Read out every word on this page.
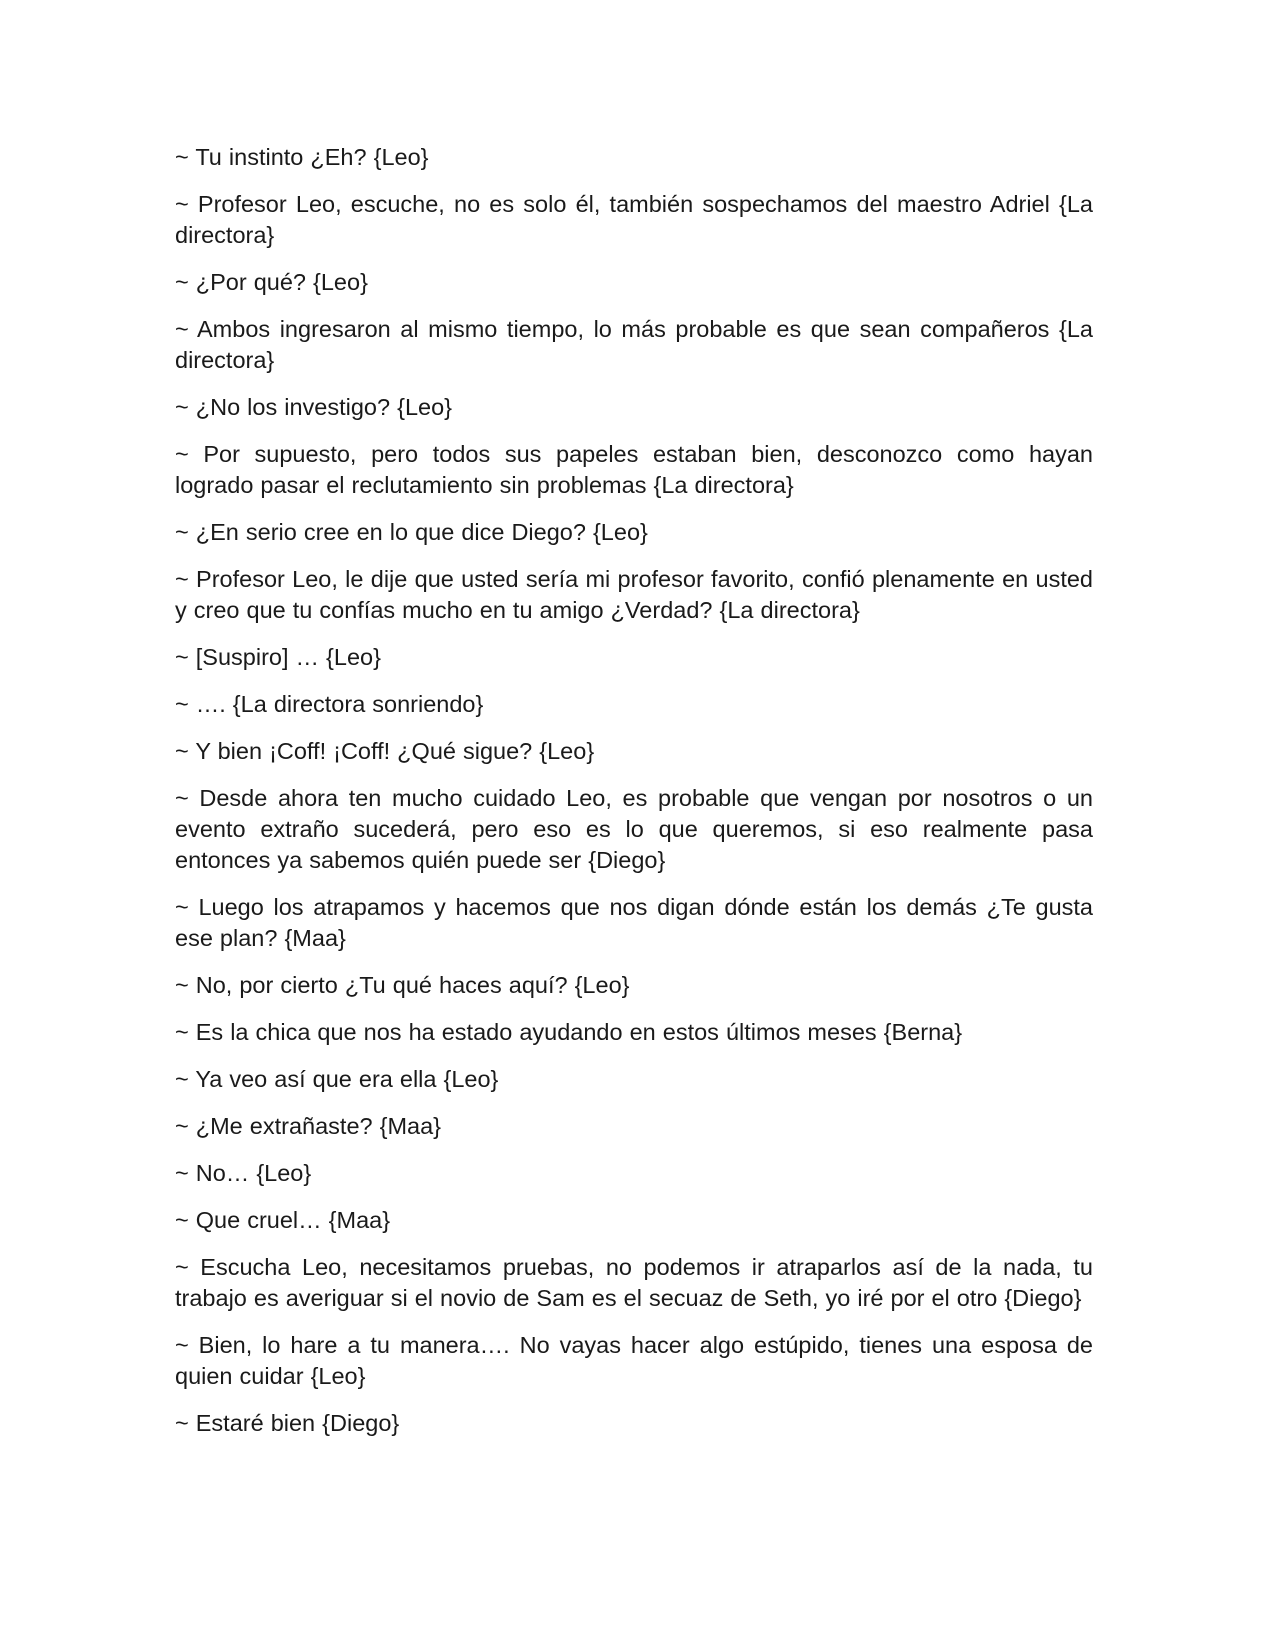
~ Tu instinto ¿Eh? {Leo}

~ Profesor Leo, escuche, no es solo él, también sospechamos del maestro Adriel {La directora}

~ ¿Por qué? {Leo}

~ Ambos ingresaron al mismo tiempo, lo más probable es que sean compañeros {La directora}

~ ¿No los investigo? {Leo}

~ Por supuesto, pero todos sus papeles estaban bien, desconozco como hayan logrado pasar el reclutamiento sin problemas {La directora}

~ ¿En serio cree en lo que dice Diego? {Leo}

~ Profesor Leo, le dije que usted sería mi profesor favorito, confió plenamente en usted y creo que tu confías mucho en tu amigo ¿Verdad? {La directora}

~ [Suspiro] … {Leo}

~ …. {La directora sonriendo}

~ Y bien ¡Coff! ¡Coff! ¿Qué sigue? {Leo}

~ Desde ahora ten mucho cuidado Leo, es probable que vengan por nosotros o un evento extraño sucederá, pero eso es lo que queremos, si eso realmente pasa entonces ya sabemos quién puede ser {Diego}

~ Luego los atrapamos y hacemos que nos digan dónde están los demás ¿Te gusta ese plan? {Maa}

~ No, por cierto ¿Tu qué haces aquí? {Leo}

~ Es la chica que nos ha estado ayudando en estos últimos meses {Berna}

~ Ya veo así que era ella {Leo}

~ ¿Me extrañaste? {Maa}

~ No… {Leo}

~ Que cruel… {Maa}

~ Escucha Leo, necesitamos pruebas, no podemos ir atraparlos así de la nada, tu trabajo es averiguar si el novio de Sam es el secuaz de Seth, yo iré por el otro {Diego}

~ Bien, lo hare a tu manera…. No vayas hacer algo estúpido, tienes una esposa de quien cuidar {Leo}

~ Estaré bien {Diego}
